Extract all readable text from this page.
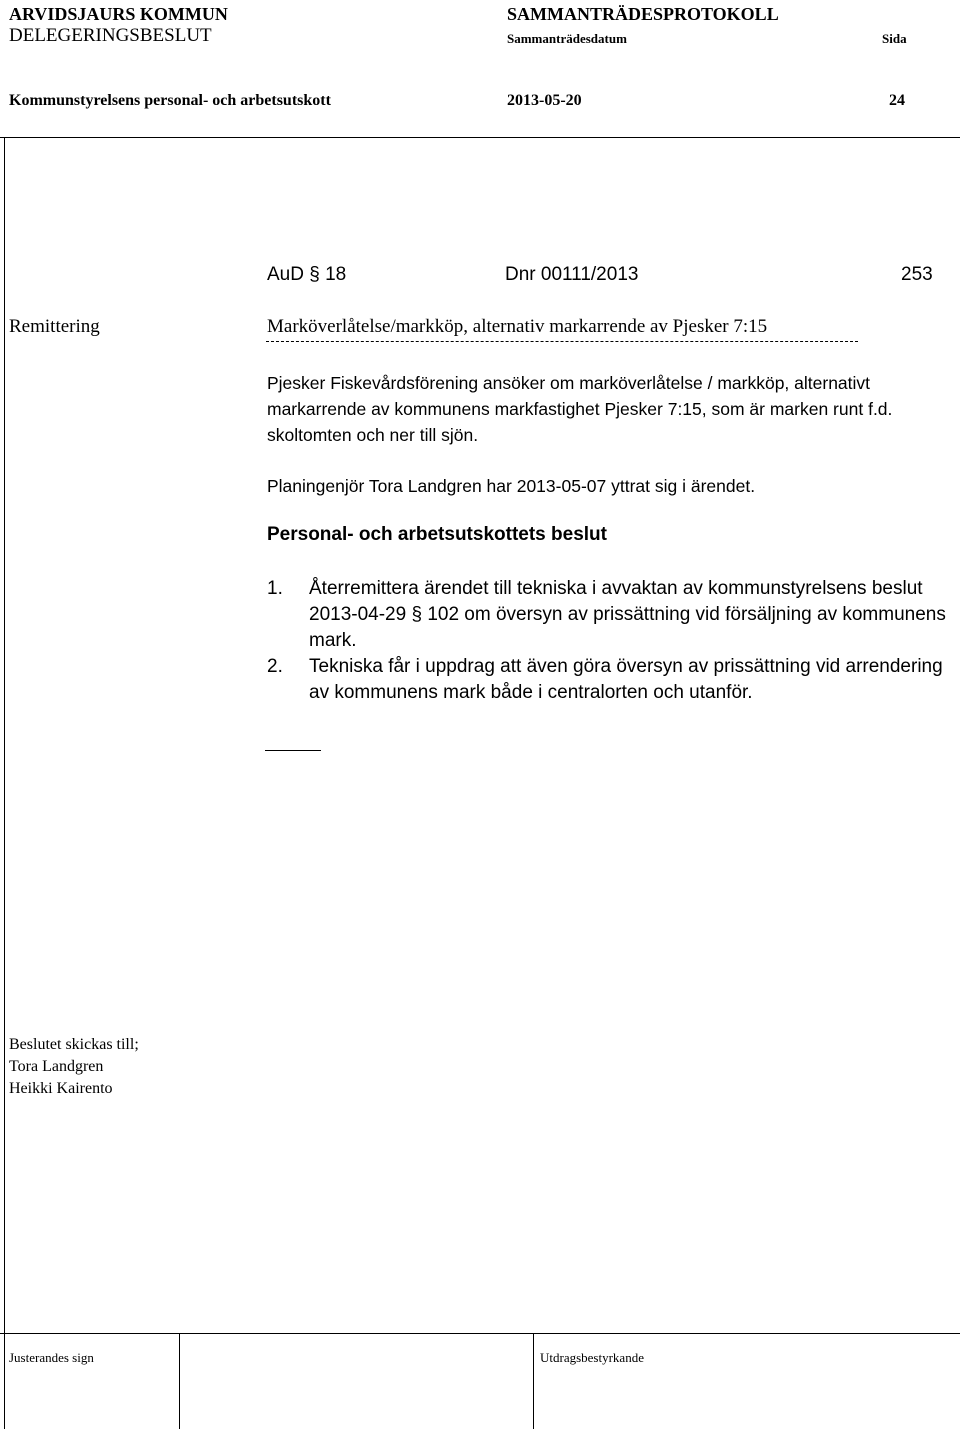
ARVIDSJAURS KOMMUN
DELEGERINGSBESLUT
SAMMANTRÄDESPROTOKOLL
Sammanträdesdatum	Sida
Kommunstyrelsens personal- och arbetsutskott	2013-05-20	24
AuD § 18	Dnr 00111/2013	253
Remittering	Marköverlåtelse/markköp, alternativ markarrende av Pjesker 7:15
Pjesker Fiskevårdsförening ansöker om marköverlåtelse / markköp, alternativt markarrende av kommunens markfastighet Pjesker 7:15, som är marken runt f.d. skoltomten och ner till sjön.
Planingenjör Tora Landgren har 2013-05-07 yttrat sig i ärendet.
Personal- och arbetsutskottets beslut
1.	Återremittera ärendet till tekniska i avvaktan av kommunstyrelsens beslut 2013-04-29 § 102 om översyn av prissättning vid försäljning av kommunens mark.
2.	Tekniska får i uppdrag att även göra översyn av prissättning vid arrendering av kommunens mark både i centralorten och utanför.
Beslutet skickas till;
Tora Landgren
Heikki Kairento
Justerandes sign	Utdragsbestyrkande
